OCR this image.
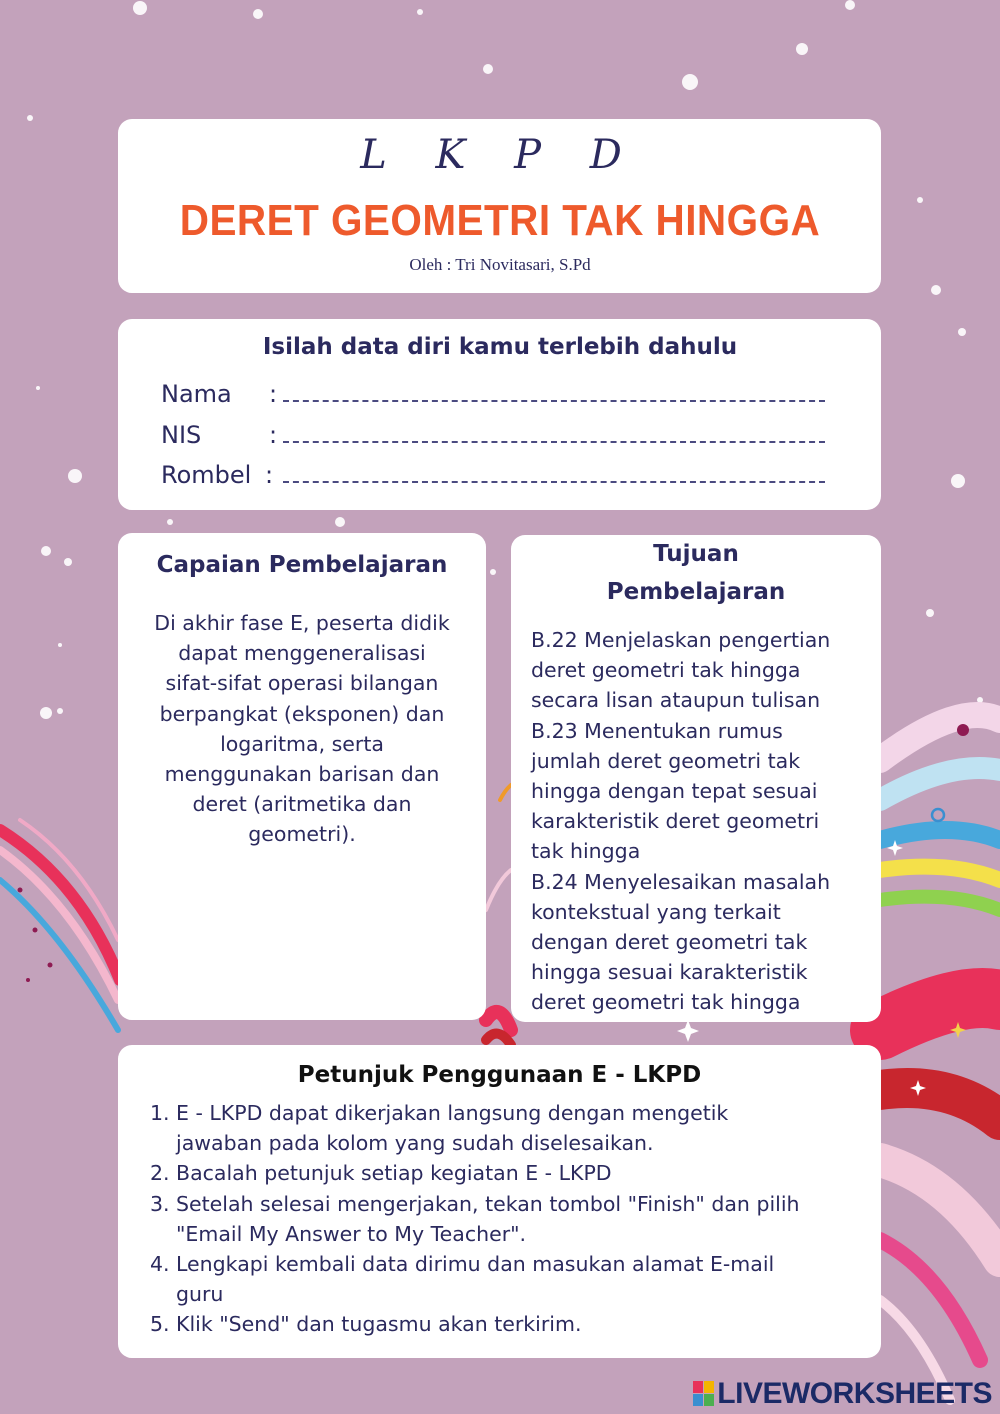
L K P D
DERET GEOMETRI TAK HINGGA
Oleh : Tri Novitasari, S.Pd
Isilah data diri kamu terlebih dahulu
Nama :
NIS	:
Rombel :
Capaian Pembelajaran
Di akhir fase E, peserta didik
dapat menggeneralisasi
sifat-sifat operasi bilangan
berpangkat (eksponen) dan
logaritma, serta
menggunakan barisan dan
deret (aritmetika dan
geometri).
Tujuan
Pembelajaran
B.22 Menjelaskan pengertian
deret geometri tak hingga
secara lisan ataupun tulisan
B.23 Menentukan rumus
jumlah deret geometri tak
hingga dengan tepat sesuai
karakteristik deret geometri
tak hingga
B.24 Menyelesaikan masalah
kontekstual yang terkait
dengan deret geometri tak
hingga sesuai karakteristik
deret geometri tak hingga
Petunjuk Penggunaan E - LKPD
1. E - LKPD dapat dikerjakan langsung dengan mengetik
jawaban pada kolom yang sudah diselesaikan.
2. Bacalah petunjuk setiap kegiatan E - LKPD
3. Setelah selesai mengerjakan, tekan tombol "Finish" dan pilih
"Email My Answer to My Teacher".
4. Lengkapi kembali data dirimu dan masukan alamat E-mail
guru
5. Klik "Send" dan tugasmu akan terkirim.
LIVEWORKSHEETS
